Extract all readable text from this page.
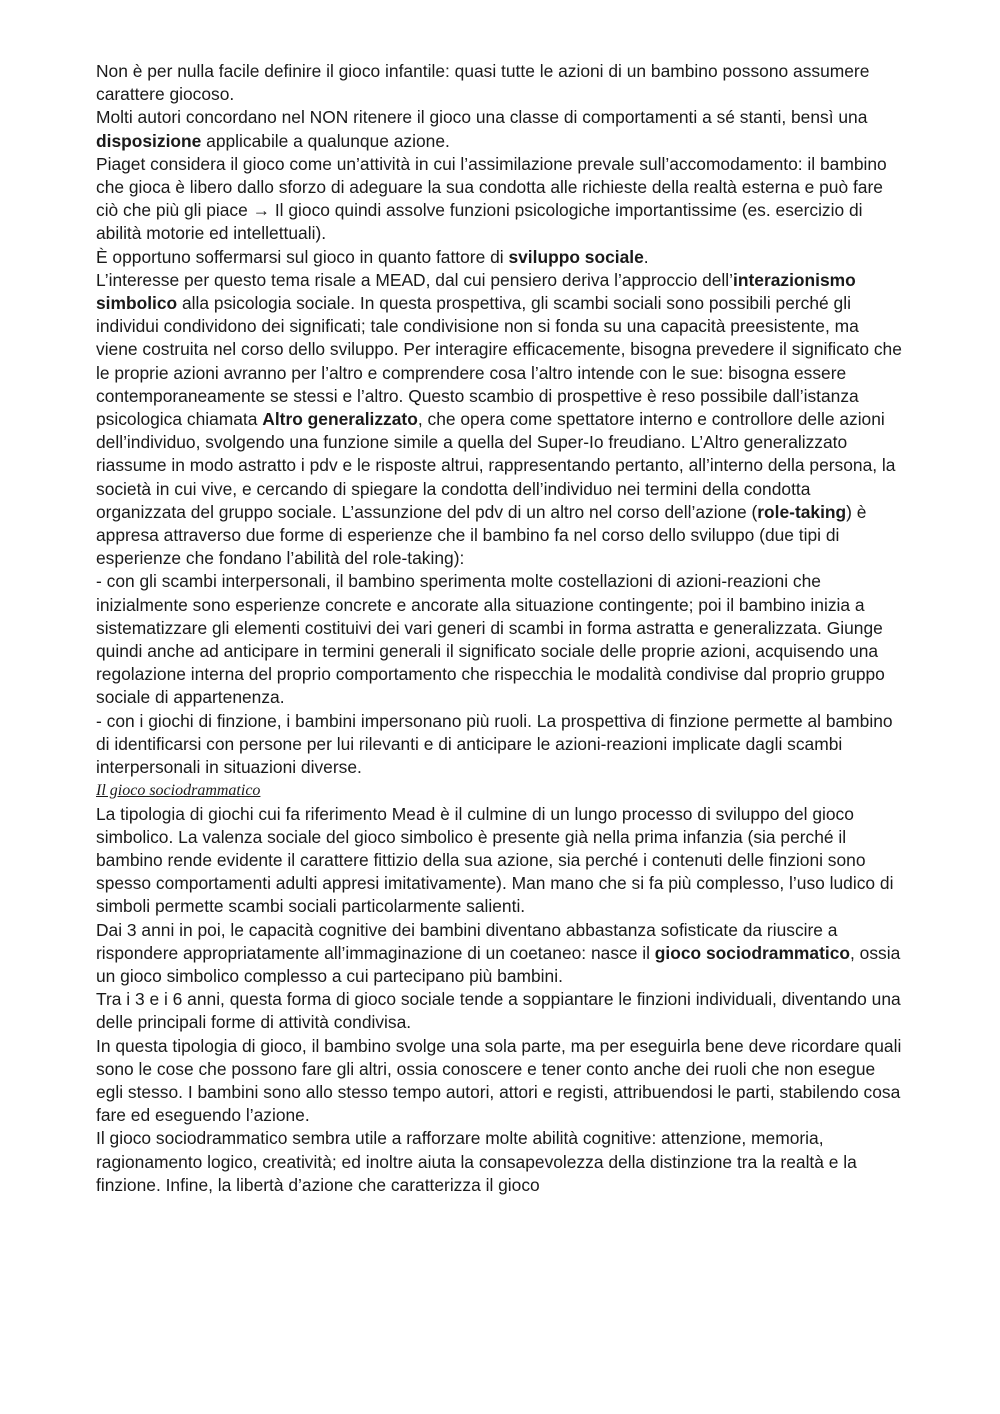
Non è per nulla facile definire il gioco infantile: quasi tutte le azioni di un bambino possono assumere carattere giocoso.

Molti autori concordano nel NON ritenere il gioco una classe di comportamenti a sé stanti, bensì una disposizione applicabile a qualunque azione.

Piaget considera il gioco come un’attività in cui l’assimilazione prevale sull’accomodamento: il bambino che gioca è libero dallo sforzo di adeguare la sua condotta alle richieste della realtà esterna e può fare ciò che più gli piace → Il gioco quindi assolve funzioni psicologiche importantissime (es. esercizio di abilità motorie ed intellettuali).

È opportuno soffermarsi sul gioco in quanto fattore di sviluppo sociale.

L’interesse per questo tema risale a MEAD, dal cui pensiero deriva l’approccio dell’interazionismo simbolico alla psicologia sociale. In questa prospettiva, gli scambi sociali sono possibili perché gli individui condividono dei significati; tale condivisione non si fonda su una capacità preesistente, ma viene costruita nel corso dello sviluppo. Per interagire efficacemente, bisogna prevedere il significato che le proprie azioni avranno per l’altro e comprendere cosa l’altro intende con le sue: bisogna essere contemporaneamente se stessi e l’altro. Questo scambio di prospettive è reso possibile dall’istanza psicologica chiamata Altro generalizzato, che opera come spettatore interno e controllore delle azioni dell’individuo, svolgendo una funzione simile a quella del Super-Io freudiano. L’Altro generalizzato riassume in modo astratto i pdv e le risposte altrui, rappresentando pertanto, all’interno della persona, la società in cui vive, e cercando di spiegare la condotta dell’individuo nei termini della condotta organizzata del gruppo sociale. L’assunzione del pdv di un altro nel corso dell’azione (role-taking) è appresa attraverso due forme di esperienze che il bambino fa nel corso dello sviluppo (due tipi di esperienze che fondano l’abilità del role-taking):

- con gli scambi interpersonali, il bambino sperimenta molte costellazioni di azioni-reazioni che inizialmente sono esperienze concrete e ancorate alla situazione contingente; poi il bambino inizia a sistematizzare gli elementi costituivi dei vari generi di scambi in forma astratta e generalizzata. Giunge quindi anche ad anticipare in termini generali il significato sociale delle proprie azioni, acquisendo una regolazione interna del proprio comportamento che rispecchia le modalità condivise dal proprio gruppo sociale di appartenenza.

- con i giochi di finzione, i bambini impersonano più ruoli. La prospettiva di finzione permette al bambino di identificarsi con persone per lui rilevanti e di anticipare le azioni-reazioni implicate dagli scambi interpersonali in situazioni diverse.

Il gioco sociodrammatico

La tipologia di giochi cui fa riferimento Mead è il culmine di un lungo processo di sviluppo del gioco simbolico. La valenza sociale del gioco simbolico è presente già nella prima infanzia (sia perché il bambino rende evidente il carattere fittizio della sua azione, sia perché i contenuti delle finzioni sono spesso comportamenti adulti appresi imitativamente). Man mano che si fa più complesso, l’uso ludico di simboli permette scambi sociali particolarmente salienti.

Dai 3 anni in poi, le capacità cognitive dei bambini diventano abbastanza sofisticate da riuscire a rispondere appropriatamente all’immaginazione di un coetaneo: nasce il gioco sociodrammatico, ossia un gioco simbolico complesso a cui partecipano più bambini.

Tra i 3 e i 6 anni, questa forma di gioco sociale tende a soppiantare le finzioni individuali, diventando una delle principali forme di attività condivisa.

In questa tipologia di gioco, il bambino svolge una sola parte, ma per eseguirla bene deve ricordare quali sono le cose che possono fare gli altri, ossia conoscere e tener conto anche dei ruoli che non esegue egli stesso. I bambini sono allo stesso tempo autori, attori e registi, attribuendosi le parti, stabilendo cosa fare ed eseguendo l’azione.

Il gioco sociodrammatico sembra utile a rafforzare molte abilità cognitive: attenzione, memoria, ragionamento logico, creatività; ed inoltre aiuta la consapevolezza della distinzione tra la realtà e la finzione. Infine, la libertà d’azione che caratterizza il gioco
